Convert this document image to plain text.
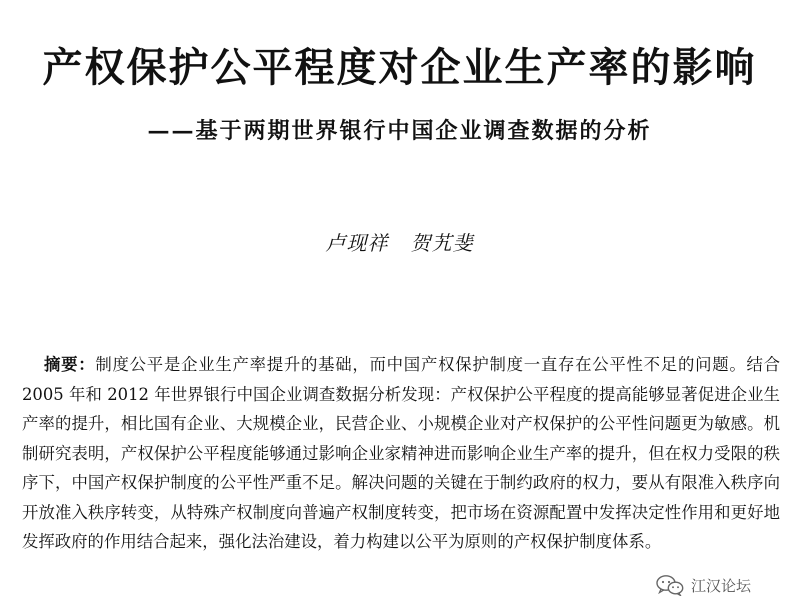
产权保护公平程度对企业生产率的影响
——基于两期世界银行中国企业调查数据的分析
卢现祥 贺艽斐
摘要：制度公平是企业生产率提升的基础，而中国产权保护制度一直存在公平性不足的问题。结合 2005 年和 2012 年世界银行中国企业调查数据分析发现：产权保护公平程度的提高能够显著促进企业生产率的提升，相比国有企业、大规模企业，民营企业、小规模企业对产权保护的公平性问题更为敏感。机制研究表明，产权保护公平程度能够通过影响企业家精神进而影响企业生产率的提升，但在权力受限的秩序下，中国产权保护制度的公平性严重不足。解决问题的关键在于制约政府的权力，要从有限准入秩序向开放准入秩序转变，从特殊产权制度向普遍产权制度转变，把市场在资源配置中发挥决定性作用和更好地发挥政府的作用结合起来，强化法治建设，着力构建以公平为原则的产权保护制度体系。
江汉论坛
